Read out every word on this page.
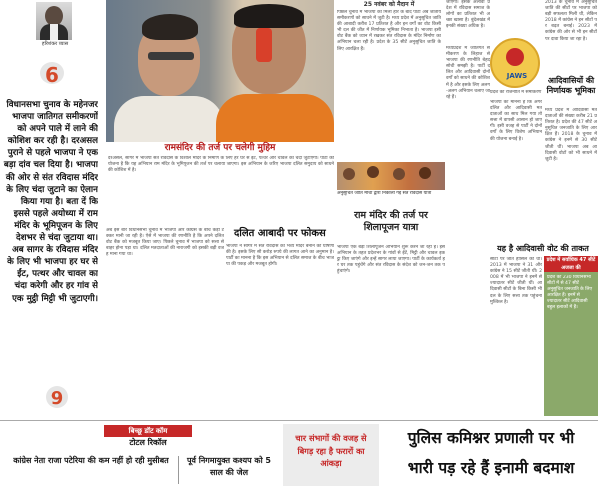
हरिशंकर व्यास
6
विधानसभा चुनाव के महेनजर भाजपा जातिगत समीकरणों को अपने पाले में लाने की कोशिश कर रही है। दरअसल पुराने से पहले भाजपा ने एक बड़ा दांव चल दिया है। भाजपा की ओर से संत रविदास मंदिर के लिए चंदा जुटाने का ऐलान किया गया है। बता दें कि इससे पहले अयोध्या में राम मंदिर के भूमिपूजन के लिए देशभर से चंदा जुटाया था। अब सागर के रविदास मंदिर के लिए भी भाजपा हर घर से ईंट, पत्थर और चावल का चंदा करेगी और हर गांव से एक मुट्ठी मिट्टी भी जुटाएगी।
9
रामसंदिर की तर्ज पर चलेगी मुहिम
दरअसल, सागर में भाजपा संत रविदास के विशाल मंदिर के निर्माण के लिए हर घर से ईंट, पत्थर और चावल का चंदा जुटाएगी। पार्टी की योजना है कि यह अभियान राम मंदिर के भूमिपूजन की तर्ज पर चलाया जाएगा। इस अभियान के जरिए भाजपा दलित समुदाय को साधने की कोशिश में है।
25 नवंबर को मैदान में
पिछले चुनाव में भाजपा को मिली हार के बाद पार्टी अब जातीय समीकरणों को साधने में जुटी है। मध्य प्रदेश में अनुसूचित जाति की आबादी करीब 17 प्रतिशत है और इन वर्गों का वोट किसी भी दल की जीत में निर्णायक भूमिका निभाता है। भाजपा इसी वोट बैंक को ध्यान में रखकर संत रविदास के मंदिर निर्माण का अभियान चला रही है। प्रदेश के 35 सीटें अनुसूचित जाति के लिए आरक्षित हैं।
अनुसूचित जाति मोर्चा द्वारा निकाली गई संत रविदास यात्रा
राम मंदिर की तर्ज पर शिलापूजन यात्रा
भाजपा एक बड़ा शिलापूजन अभियान शुरू करने जा रही है। इस अभियान के तहत प्रदेशभर के गांवों से ईंटें, मिट्टी और चावल इकट्ठा किए जाएंगे और इन्हें सागर लाया जाएगा। पार्टी के कार्यकर्ता हर घर तक पहुंचेंगे और संत रविदास के संदेश को जन-जन तक पहुंचाएंगे।
जाएगा। इसके अलावा प्रदेश में रविदास समाज के लोगों का प्रतिशत भी अच्छा खासा है। बुंदेलखंड में इनकी संख्या अधिक है।
JAWS
मध्यप्रदेश में जातिगत समीकरण के लिहाज से भाजपा की रणनीति बेहद सोची समझी है। पार्टी दलित और आदिवासी दोनों वर्गों को साधने की कोशिश में है और इसके लिए अलग-अलग अभियान चलाए जा रहे हैं।
2013 के चुनाव में अनुसूचित जाति की सीटों पर भाजपा को बड़ी सफलता मिली थी, लेकिन 2018 में कांग्रेस ने इन सीटों पर बढ़त बनाई। 2023 में कांग्रेस की ओर से भी इन सीटों पर दावा किया जा रहा है।
प्रदेश की राजनीति में समीकरण
आदिवासियों की निर्णायक भूमिका
मध्य प्रदेश में आदिवासी मतदाताओं की संख्या करीब 21 प्रतिशत है। प्रदेश की 47 सीटें अनुसूचित जनजाति के लिए आरक्षित हैं। 2018 के चुनाव में कांग्रेस ने इनमें से 30 सीटें जीती थीं। भाजपा अब आदिवासी वोटों को भी साधने में जुटी है।
भाजपा का मानना है कि अगर दलित और आदिवासी मतदाताओं का साथ मिल गया तो सत्ता में वापसी आसान हो जाएगी। इसी वजह से पार्टी ने दोनों वर्गों के लिए विशेष अभियान की योजना बनाई है।
यह है आदिवासी वोट की ताकत
सीटों पर जीत हासिल की थी। 2013 में भाजपा ने 31 और कांग्रेस ने 15 सीटें जीती थीं। 2008 में भी भाजपा ने इनमें से ज्यादातर सीटें जीती थीं। आदिवासी सीटों के बिना किसी भी दल के लिए सत्ता तक पहुंचना मुश्किल है।
प्रदेश में सर्वाधिक 47 सीटें अजजा की
प्रदेश की 230 विधानसभा सीटों में से 47 सीटें अनुसूचित जनजाति के लिए आरक्षित हैं। इनमें से ज्यादातर सीटें आदिवासी बहुल इलाकों में हैं।
दलित आबादी पर फोकस
अब इस बार विधानसभा चुनाव में भाजपा और कांग्रेस के बीच कड़ी टक्कर मानी जा रही है। ऐसे में भाजपा की रणनीति है कि अपने दलित वोट बैंक को मजबूत किया जाए। पिछले चुनाव में भाजपा को सत्ता से बाहर होना पड़ा था। दलित मतदाताओं की नाराजगी को इसकी बड़ी वजह माना गया था।
भाजपा ने सागर में संत रविदास का भव्य मंदिर बनाने की घोषणा की है। इसके लिए सौ करोड़ रुपये की लागत आने का अनुमान है। पार्टी का मानना है कि इस अभियान से दलित समाज के बीच भाजपा की पकड़ और मजबूत होगी।
बिच्छू डॉट कॉम
टोटल रिकॉल
कांग्रेस नेता राजा पटेरिया की कम नहीं हो रही मुसीबत	पूर्व निगमायुक्त कश्यप को 5 साल की जेल
चार संभागों की वजह से बिगड़ रहा है फरारों का आंकड़ा
पुलिस कमिश्नर प्रणाली पर भी
भारी पड़ रहे हैं इनामी बदमाश
